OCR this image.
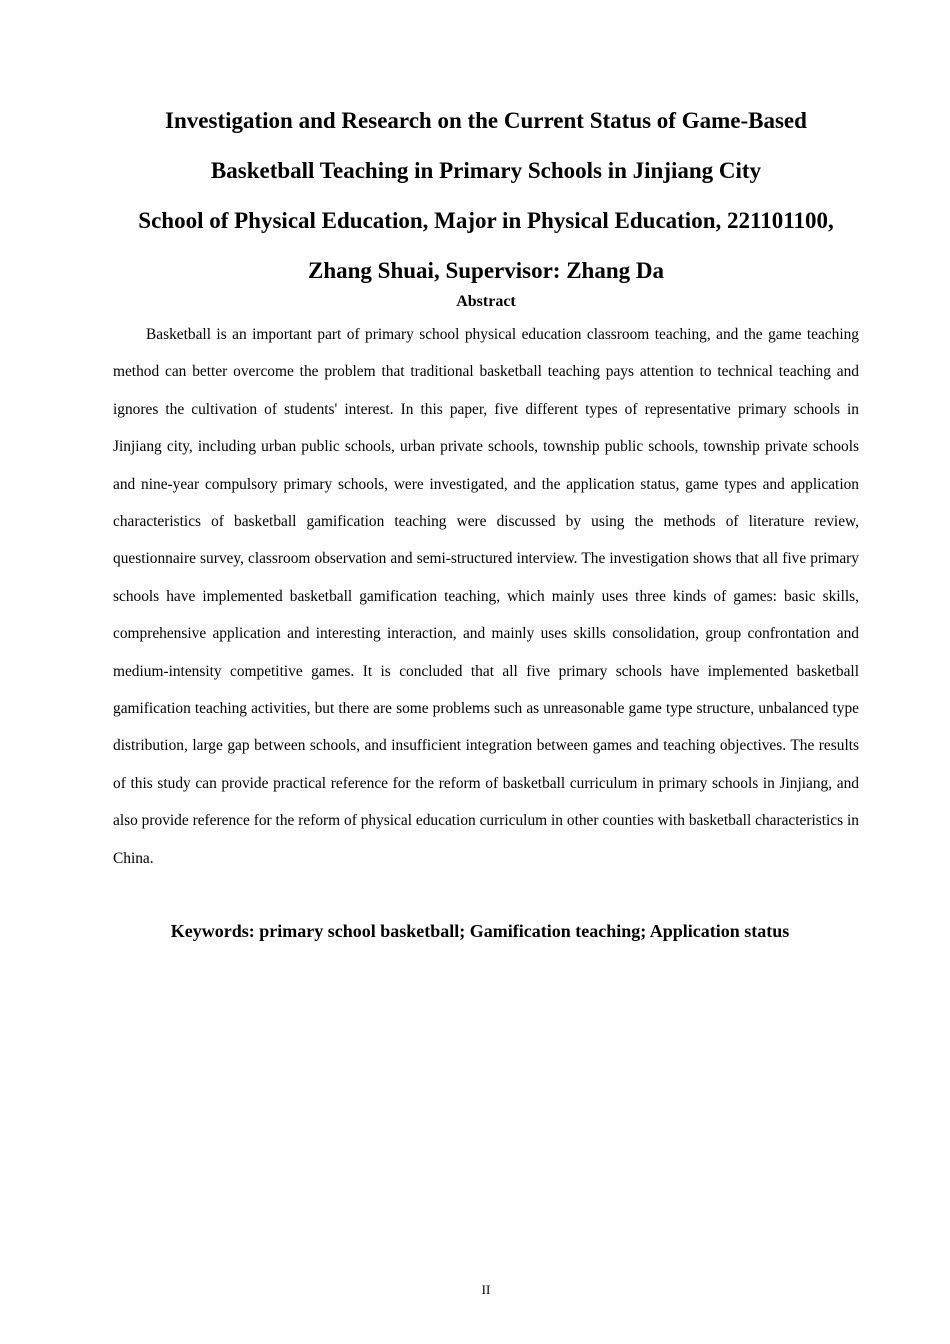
Investigation and Research on the Current Status of Game-Based

Basketball Teaching in Primary Schools in Jinjiang City

School of Physical Education, Major in Physical Education, 221101100,

Zhang Shuai, Supervisor: Zhang Da

Abstract

Basketball is an important part of primary school physical education classroom teaching, and the game teaching method can better overcome the problem that traditional basketball teaching pays attention to technical teaching and ignores the cultivation of students' interest. In this paper, five different types of representative primary schools in Jinjiang city, including urban public schools, urban private schools, township public schools, township private schools and nine-year compulsory primary schools, were investigated, and the application status, game types and application characteristics of basketball gamification teaching were discussed by using the methods of literature review, questionnaire survey, classroom observation and semi-structured interview. The investigation shows that all five primary schools have implemented basketball gamification teaching, which mainly uses three kinds of games: basic skills, comprehensive application and interesting interaction, and mainly uses skills consolidation, group confrontation and medium-intensity competitive games. It is concluded that all five primary schools have implemented basketball gamification teaching activities, but there are some problems such as unreasonable game type structure, unbalanced type distribution, large gap between schools, and insufficient integration between games and teaching objectives. The results of this study can provide practical reference for the reform of basketball curriculum in primary schools in Jinjiang, and also provide reference for the reform of physical education curriculum in other counties with basketball characteristics in China.

Keywords: primary school basketball; Gamification teaching; Application status

II
